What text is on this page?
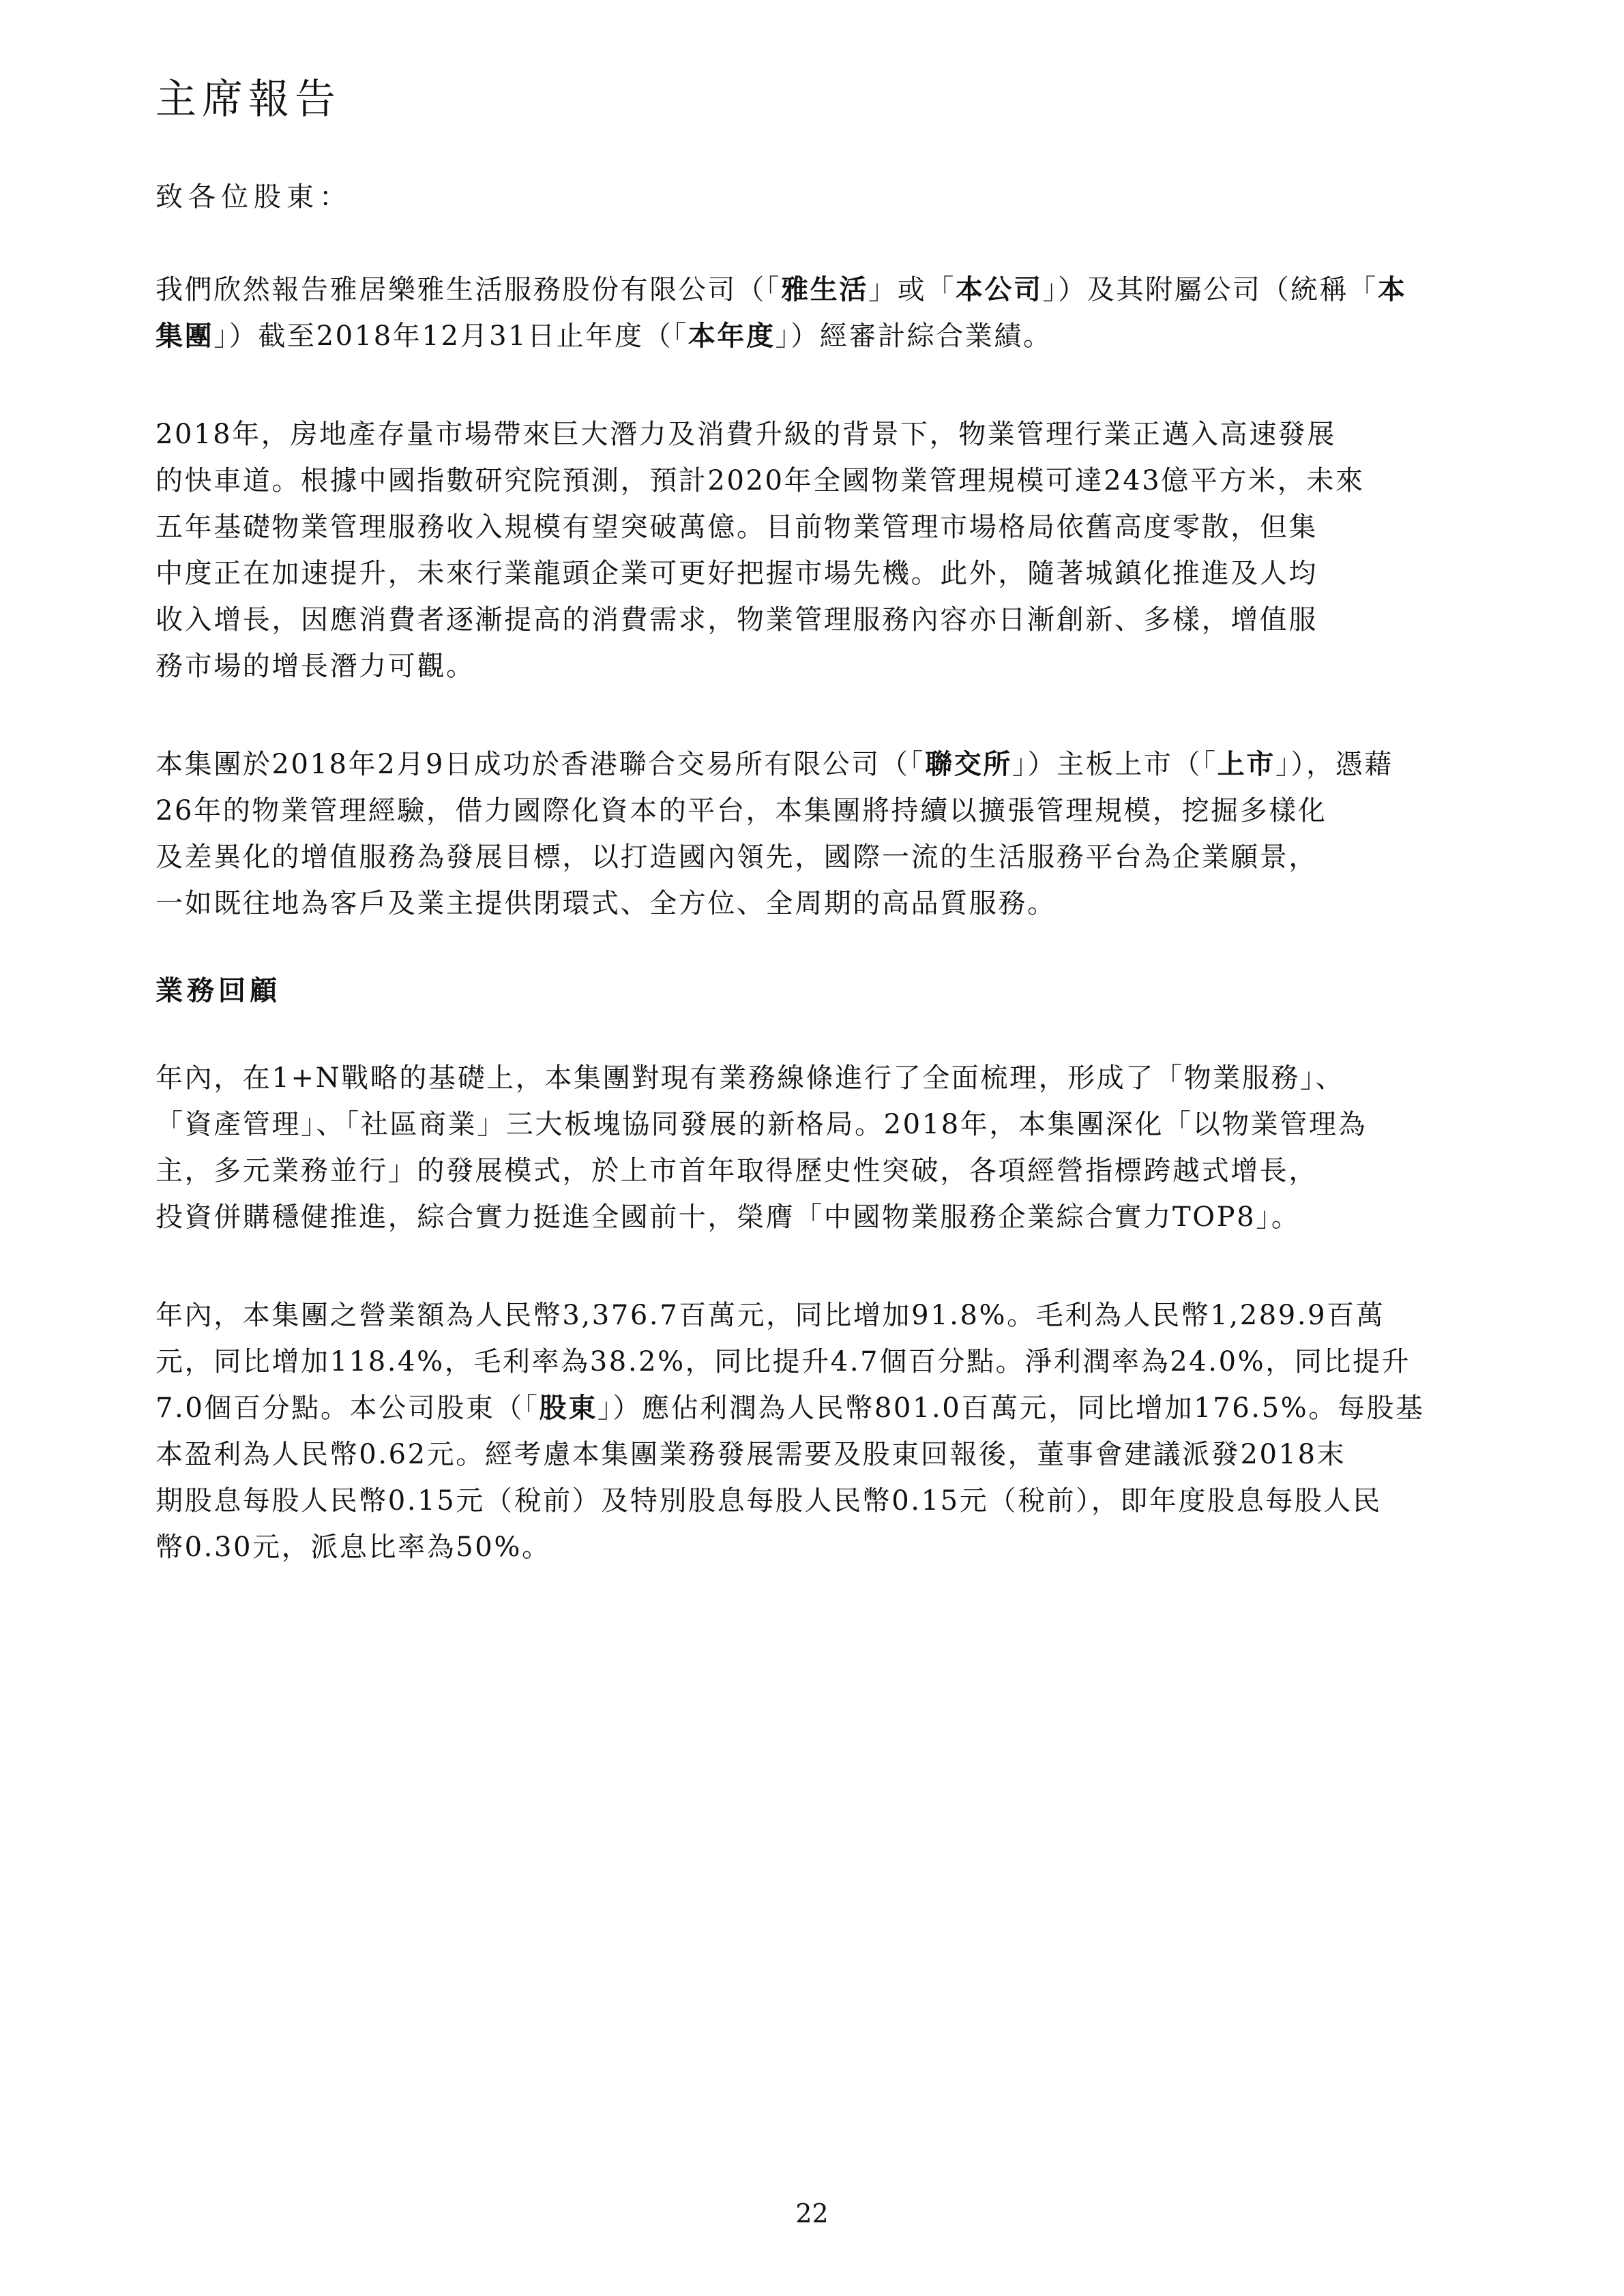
主席報告

致各位股東：

我們欣然報告雅居樂雅生活服務股份有限公司（「雅生活」或「本公司」）及其附屬公司（統稱「本
集團」）截至2018年12月31日止年度（「本年度」）經審計綜合業績。

2018年，房地產存量市場帶來巨大潛力及消費升級的背景下，物業管理行業正邁入高速發展
的快車道。根據中國指數研究院預測，預計2020年全國物業管理規模可達243億平方米，未來
五年基礎物業管理服務收入規模有望突破萬億。目前物業管理市場格局依舊高度零散，但集
中度正在加速提升，未來行業龍頭企業可更好把握市場先機。此外，隨著城鎮化推進及人均
收入增長，因應消費者逐漸提高的消費需求，物業管理服務內容亦日漸創新、多樣，增值服
務市場的增長潛力可觀。

本集團於2018年2月9日成功於香港聯合交易所有限公司（「聯交所」）主板上市（「上市」），憑藉
26年的物業管理經驗，借力國際化資本的平台，本集團將持續以擴張管理規模，挖掘多樣化
及差異化的增值服務為發展目標，以打造國內領先，國際一流的生活服務平台為企業願景，
一如既往地為客戶及業主提供閉環式、全方位、全周期的高品質服務。

業務回顧

年內，在1+N戰略的基礎上，本集團對現有業務線條進行了全面梳理，形成了「物業服務」、
「資產管理」、「社區商業」三大板塊協同發展的新格局。2018年，本集團深化「以物業管理為
主，多元業務並行」的發展模式，於上市首年取得歷史性突破，各項經營指標跨越式增長，
投資併購穩健推進，綜合實力挺進全國前十，榮膺「中國物業服務企業綜合實力TOP8」。

年內，本集團之營業額為人民幣3,376.7百萬元，同比增加91.8%。毛利為人民幣1,289.9百萬
元，同比增加118.4%，毛利率為38.2%，同比提升4.7個百分點。淨利潤率為24.0%，同比提升
7.0個百分點。本公司股東（「股東」）應佔利潤為人民幣801.0百萬元，同比增加176.5%。每股基
本盈利為人民幣0.62元。經考慮本集團業務發展需要及股東回報後，董事會建議派發2018末
期股息每股人民幣0.15元（稅前）及特別股息每股人民幣0.15元（稅前），即年度股息每股人民
幣0.30元，派息比率為50%。

22
